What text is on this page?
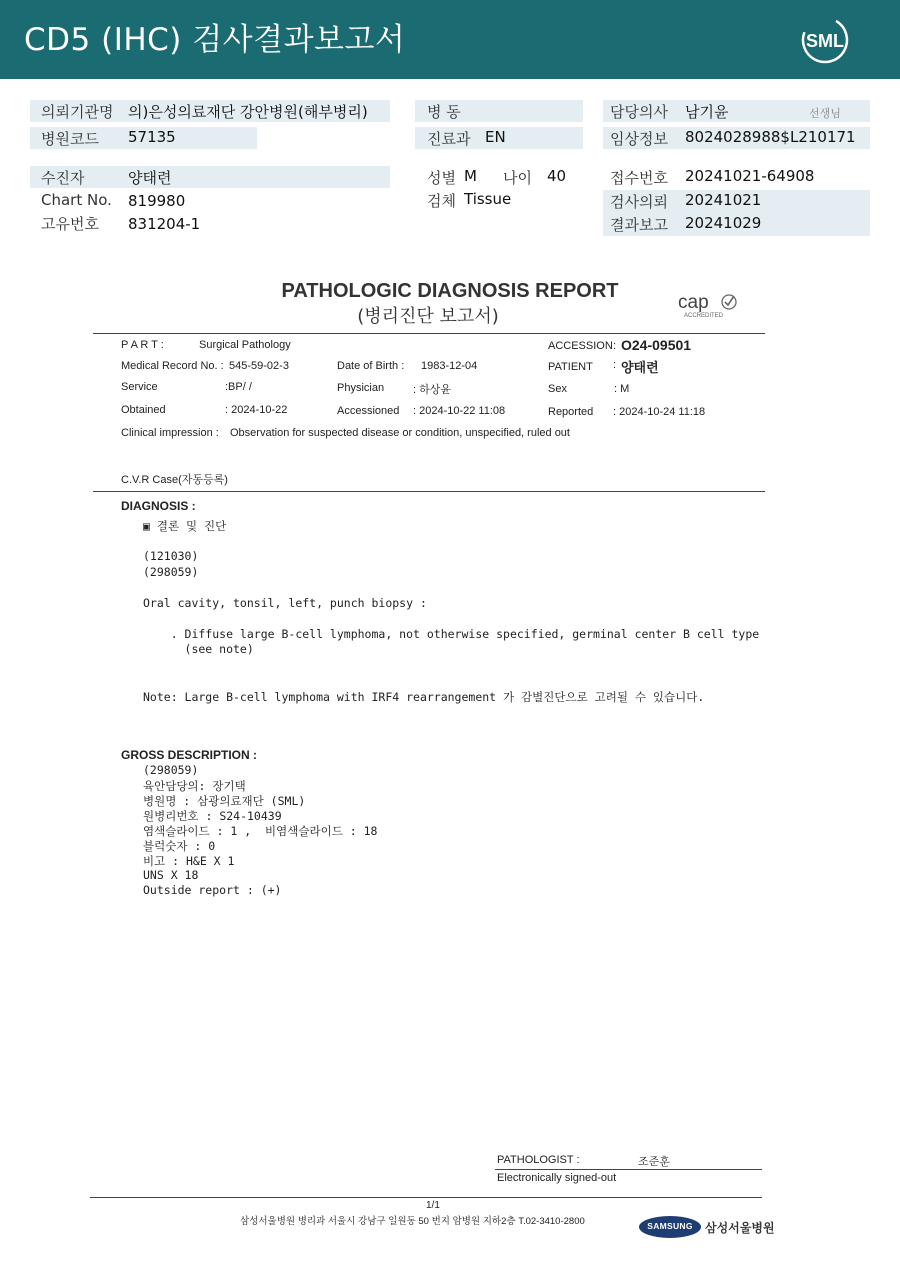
CD5 (IHC) 검사결과보고서	SML
의뢰기관명 의)은성의료재단 강안병원(해부병리)
병원코드 57135
병 동
진료과 EN
담당의사 남기윤	선생님
임상정보 8024028988$L210171
수진자	양태련
Chart No. 819980
고유번호 831204-1
성별 M 나이 40
검체 Tissue
접수번호 20241021-64908
검사의뢰 20241021
결과보고 20241029
PATHOLOGIC DIAGNOSIS REPORT
(병리진단 보고서)
cap
ACCREDITED
P A R T :	Surgical Pathology	ACCESSION : O24-09501
Medical Record No. : 545-59-02-3	Date of Birth : 1983-12-04	PATIENT : 양태련
Service	:BP/ /	Physician	: 하상윤	Sex	: M
Obtained	: 2024-10-22	Accessioned : 2024-10-22 11:08	Reported : 2024-10-24 11:18
Clinical impression : Observation for suspected disease or condition, unspecified, ruled out
C.V.R Case(자동등록)
DIAGNOSIS :
▣ 결론 및 진단
(121030)
(298059)
Oral cavity, tonsil, left, punch biopsy :
. Diffuse large B-cell lymphoma, not otherwise specified, germinal center B cell type
(see note)
Note: Large B-cell lymphoma with IRF4 rearrangement 가 감별진단으로 고려될 수 있습니다.
GROSS DESCRIPTION :
(298059)
육안담당의: 장기택
병원명 : 삼광의료재단 (SML)
원병리번호 : S24-10439
염색슬라이드 : 1 ,  비염색슬라이드 : 18
블럭숫자 : 0
비고 : H&E X 1
UNS X 18
Outside report : (+)
PATHOLOGIST :	조준훈
Electronically signed-out
1/1
삼성서울병원 병리과 서울시 강남구 일원동 50 번지 암병원 지하2층 T.02-3410-2800	SAMSUNG	삼성서울병원
